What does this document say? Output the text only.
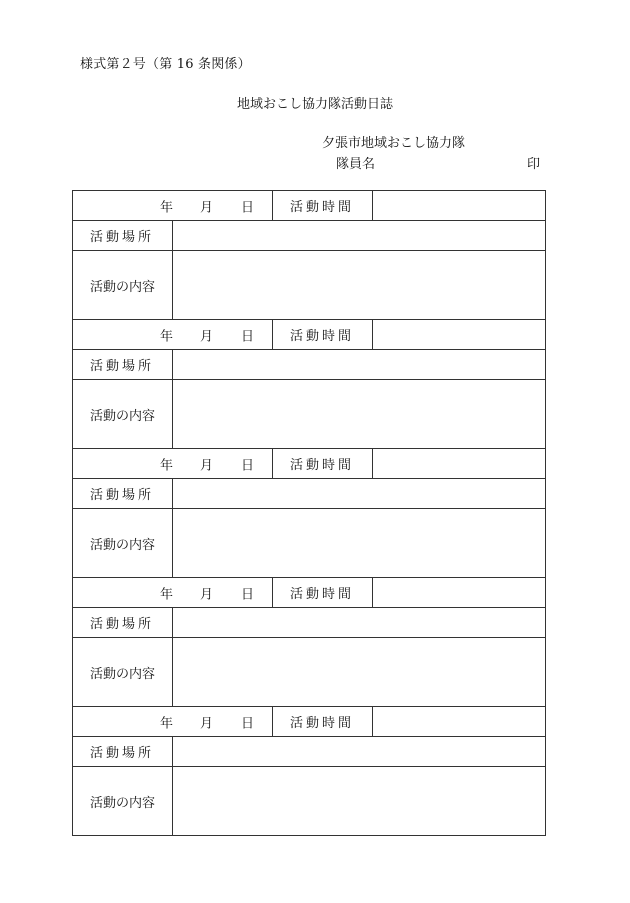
様式第２号（第 16 条関係）
地域おこし協力隊活動日誌
夕張市地域おこし協力隊
隊員名	印
年 月 日		活動時間	
活動場所			
活動の内容			

年 月 日		活動時間	
活動場所			
活動の内容			

年 月 日		活動時間	
活動場所			
活動の内容			

年 月 日		活動時間	
活動場所			
活動の内容			

年 月 日		活動時間	
活動場所			
活動の内容			
